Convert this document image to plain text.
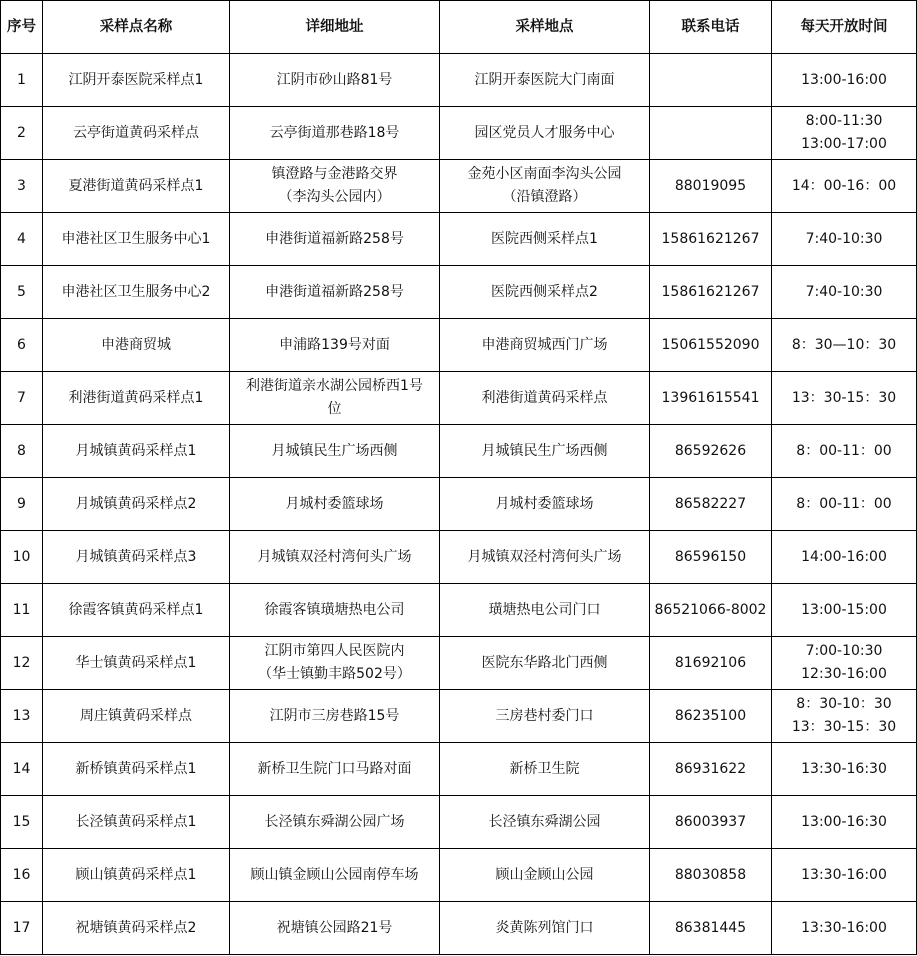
序号	采样点名称	详细地址	采样地点	联系电话	每天开放时间
1	江阴开泰医院采样点1	江阴市砂山路81号	江阴开泰医院大门南面		13:00-16:00
2	云亭街道黄码采样点	云亭街道那巷路18号	园区党员人才服务中心		8:00-11:30
13:00-17:00
3	夏港街道黄码采样点1	镇澄路与金港路交界
（李沟头公园内）	金苑小区南面李沟头公园
（沿镇澄路）	88019095	14：00-16：00
4	申港社区卫生服务中心1	申港街道福新路258号	医院西侧采样点1	15861621267	7:40-10:30
5	申港社区卫生服务中心2	申港街道福新路258号	医院西侧采样点2	15861621267	7:40-10:30
6	申港商贸城	申浦路139号对面	申港商贸城西门广场	15061552090	8：30—10：30
7	利港街道黄码采样点1	利港街道亲水湖公园桥西1号
位	利港街道黄码采样点	13961615541	13：30-15：30
8	月城镇黄码采样点1	月城镇民生广场西侧	月城镇民生广场西侧	86592626	8：00-11：00
9	月城镇黄码采样点2	月城村委篮球场	月城村委篮球场	86582227	8：00-11：00
10	月城镇黄码采样点3	月城镇双泾村湾何头广场	月城镇双泾村湾何头广场	86596150	14:00-16:00
11	徐霞客镇黄码采样点1	徐霞客镇璜塘热电公司	璜塘热电公司门口	86521066-8002	13:00-15:00
12	华士镇黄码采样点1	江阴市第四人民医院内
（华士镇勤丰路502号）	医院东华路北门西侧	81692106	7:00-10:30
12:30-16:00
13	周庄镇黄码采样点	江阴市三房巷路15号	三房巷村委门口	86235100	8：30-10：30
13：30-15：30
14	新桥镇黄码采样点1	新桥卫生院门口马路对面	新桥卫生院	86931622	13:30-16:30
15	长泾镇黄码采样点1	长泾镇东舜湖公园广场	长泾镇东舜湖公园	86003937	13:00-16:30
16	顾山镇黄码采样点1	顾山镇金顾山公园南停车场	顾山金顾山公园	88030858	13:30-16:00
17	祝塘镇黄码采样点2	祝塘镇公园路21号	炎黄陈列馆门口	86381445	13:30-16:00
